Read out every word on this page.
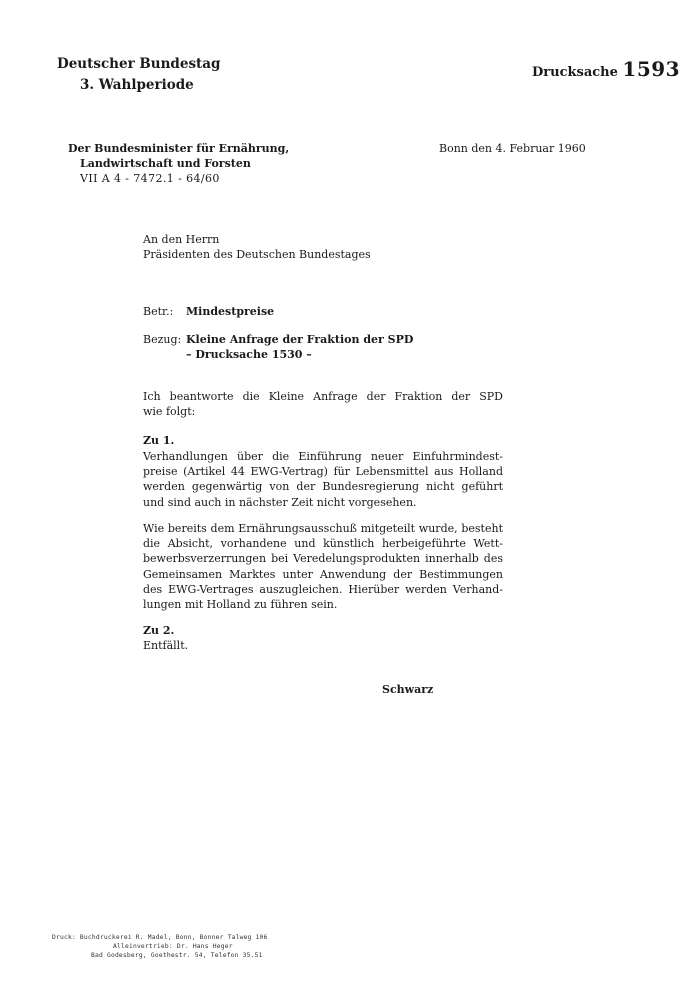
Deutscher Bundestag
3. Wahlperiode
Drucksache 1593
Der Bundesminister für Ernährung,
Landwirtschaft und Forsten
VII A 4 - 7472.1 - 64/60
Bonn den 4. Februar 1960
An den Herrn
Präsidenten des Deutschen Bundestages
Betr.: Mindestpreise
Bezug: Kleine Anfrage der Fraktion der SPD
– Drucksache 1530 –
Ich beantworte die Kleine Anfrage der Fraktion der SPD
wie folgt:
Zu 1.
Verhandlungen über die Einführung neuer Einfuhrmindest-
preise (Artikel 44 EWG-Vertrag) für Lebensmittel aus Holland
werden gegenwärtig von der Bundesregierung nicht geführt
und sind auch in nächster Zeit nicht vorgesehen.
Wie bereits dem Ernährungsausschuß mitgeteilt wurde, besteht
die Absicht, vorhandene und künstlich herbeigeführte Wett-
bewerbsverzerrungen bei Veredelungsprodukten innerhalb des
Gemeinsamen Marktes unter Anwendung der Bestimmungen
des EWG-Vertrages auszugleichen. Hierüber werden Verhand-
lungen mit Holland zu führen sein.
Zu 2.
Entfällt.
Schwarz
Druck: Buchdruckerei R. Madel, Bonn, Bonner Talweg 106
Alleinvertrieb: Dr. Hans Heger
Bad Godesberg, Goethestr. 54, Telefon 35.51
